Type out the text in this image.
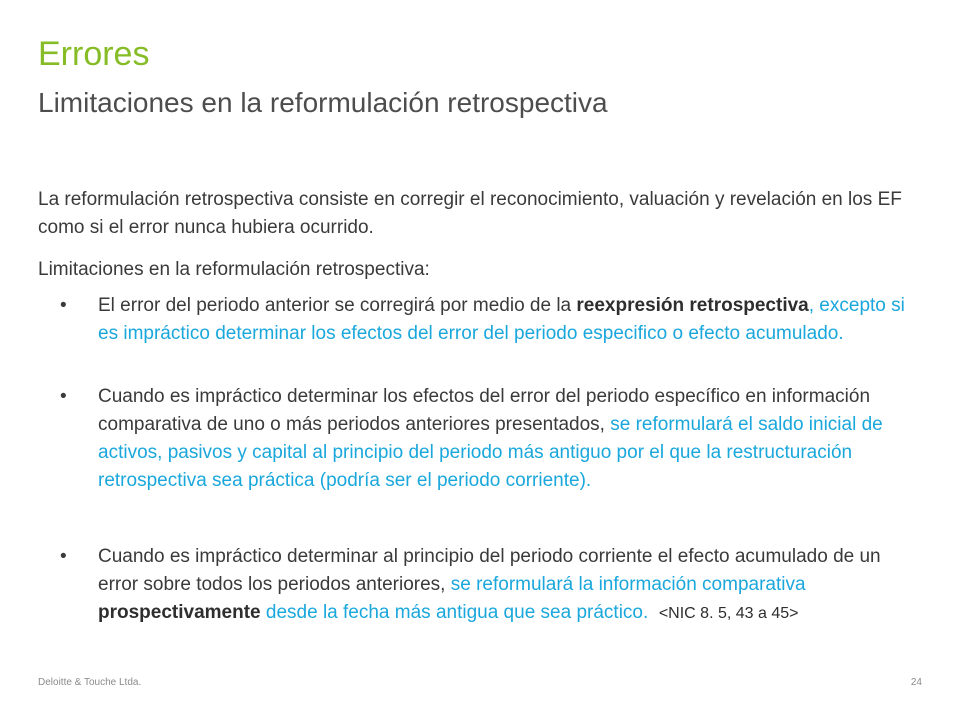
Errores
Limitaciones en la reformulación retrospectiva

La reformulación retrospectiva consiste en corregir el reconocimiento, valuación y revelación en los EF como si el error nunca hubiera ocurrido.

Limitaciones en la reformulación retrospectiva:

•	El error del periodo anterior se corregirá por medio de la reexpresión retrospectiva, excepto si es impráctico determinar los efectos del error del periodo especifico o efecto acumulado.
•	Cuando es impráctico determinar los efectos del error del periodo específico en información comparativa de uno o más periodos anteriores presentados, se reformulará el saldo inicial de activos, pasivos y capital al principio del periodo más antiguo por el que la restructuración retrospectiva sea práctica (podría ser el periodo corriente).
•	Cuando es impráctico determinar al principio del periodo corriente el efecto acumulado de un error sobre todos los periodos anteriores, se reformulará la información comparativa prospectivamente desde la fecha más antigua que sea práctico. <NIC 8. 5, 43 a 45>
Deloitte & Touche Ltda.	24
